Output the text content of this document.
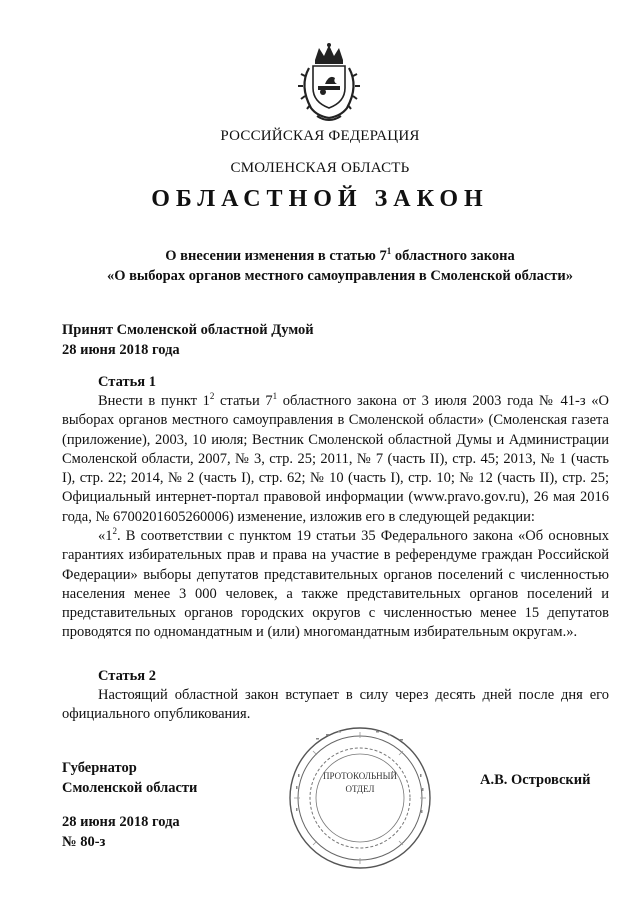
РОССИЙСКАЯ ФЕДЕРАЦИЯ
СМОЛЕНСКАЯ ОБЛАСТЬ
ОБЛАСТНОЙ ЗАКОН
О внесении изменения в статью $7^1$ областного закона
«О выборах органов местного самоуправления в Смоленской области»
Принят Смоленской областной Думой
28 июня 2018 года
Статья 1
Внести в пункт $1^2$ статьи $7^1$ областного закона от 3 июля 2003 года № 41-з «О выборах органов местного самоуправления в Смоленской области» (Смоленская газета (приложение), 2003, 10 июля; Вестник Смоленской областной Думы и Администрации Смоленской области, 2007, № 3, стр. 25; 2011, № 7 (часть II), стр. 45; 2013, № 1 (часть I), стр. 22; 2014, № 2 (часть I), стр. 62; № 10 (часть I), стр. 10; № 12 (часть II), стр. 25; Официальный интернет-портал правовой информации (www.pravo.gov.ru), 26 мая 2016 года, № 6700201605260006) изменение, изложив его в следующей редакции:
«$1^2$. В соответствии с пунктом 19 статьи 35 Федерального закона «Об основных гарантиях избирательных прав и права на участие в референдуме граждан Российской Федерации» выборы депутатов представительных органов поселений с численностью населения менее 3 000 человек, а также представительных органов поселений и представительных органов городских округов с численностью менее 15 депутатов проводятся по одномандатным и (или) многомандатным избирательным округам.».
Статья 2
Настоящий областной закон вступает в силу через десять дней после дня его официального опубликования.
ПРОТОКОЛЬНЫЙ
ОТДЕЛ
Губернатор
Смоленской области	А.В. Островский
28 июня 2018 года
№ 80-з
